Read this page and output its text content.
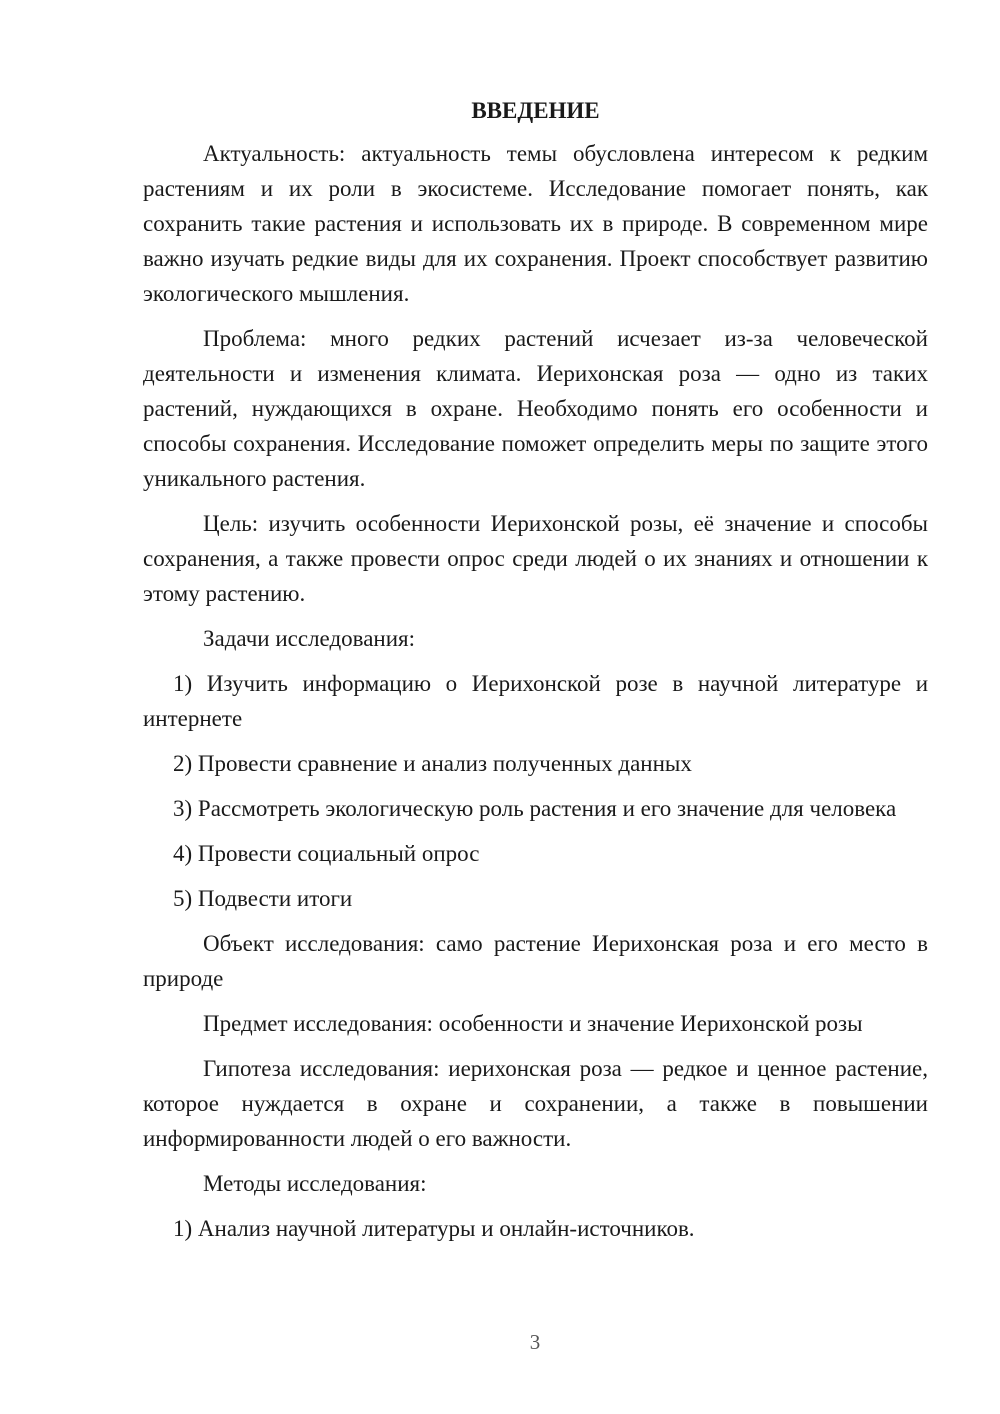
ВВЕДЕНИЕ

Актуальность: актуальность темы обусловлена интересом к редким растениям и их роли в экосистеме. Исследование помогает понять, как сохранить такие растения и использовать их в природе. В современном мире важно изучать редкие виды для их сохранения. Проект способствует развитию экологического мышления.

Проблема: много редких растений исчезает из-за человеческой деятельности и изменения климата. Иерихонская роза — одно из таких растений, нуждающихся в охране. Необходимо понять его особенности и способы сохранения. Исследование поможет определить меры по защите этого уникального растения.

Цель: изучить особенности Иерихонской розы, её значение и способы сохранения, а также провести опрос среди людей о их знаниях и отношении к этому растению.

Задачи исследования:

1) Изучить информацию о Иерихонской розе в научной литературе и интернете

2) Провести сравнение и анализ полученных данных

3) Рассмотреть экологическую роль растения и его значение для человека

4) Провести социальный опрос

5) Подвести итоги

Объект исследования: само растение Иерихонская роза и его место в природе

Предмет исследования: особенности и значение Иерихонской розы

Гипотеза исследования: иерихонская роза — редкое и ценное растение, которое нуждается в охране и сохранении, а также в повышении информированности людей о его важности.

Методы исследования:

1) Анализ научной литературы и онлайн-источников.

3
